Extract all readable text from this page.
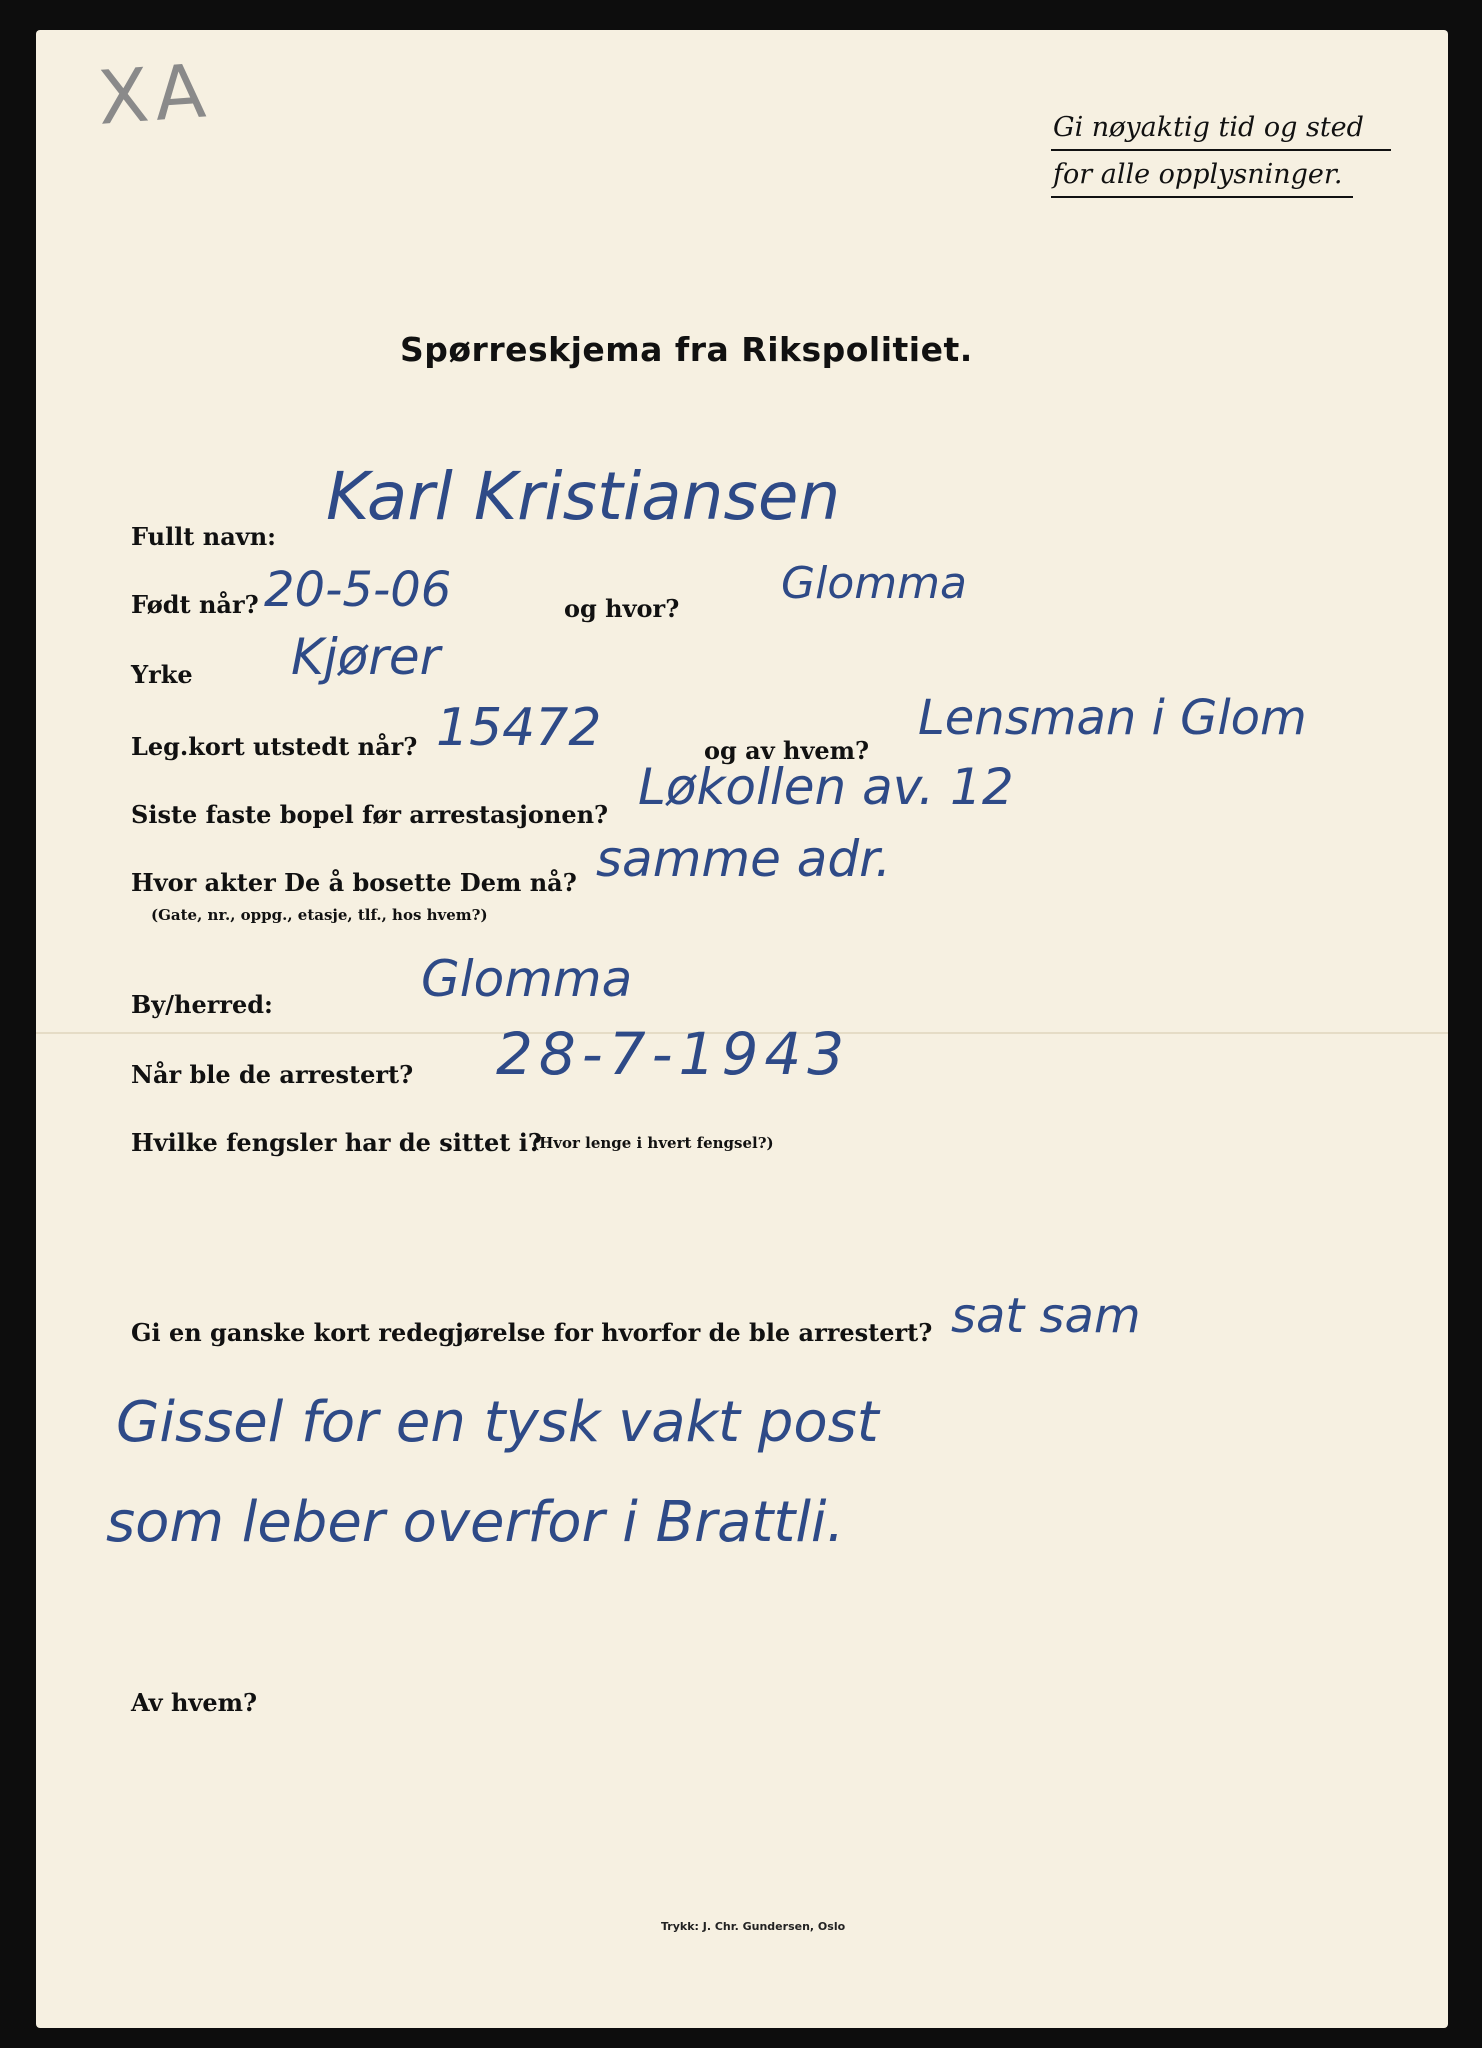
XA	Gi nøyaktig tid og sted
for alle opplysninger.
Spørreskjema fra Rikspolitiet.
Fullt navn:
Karl Kristiansen
Født når? 20-5-06	og hvor? Glomma
Yrke Kjører
Leg.kort utstedt når? 15472	og av hvem?
Lensman i Glom
Siste faste bopel før arrestasjonen? Løkollen av. 12
Hvor akter De å bosette Dem nå?
(Gate, nr., oppg., etasje, tlf., hos hvem?)
samme adr.
By/herred:	Glomma
Når ble de arrestert? 28-7-1943
Hvilke fengsler har de sittet i?
(Hvor lenge i hvert fengsel?)
Gi en ganske kort redegjørelse for hvorfor de ble arrestert? sat sam
Gissel for en tysk vakt post
som leber overfor i Brattli.
Av hvem?
Trykk: J. Chr. Gundersen, Oslo
